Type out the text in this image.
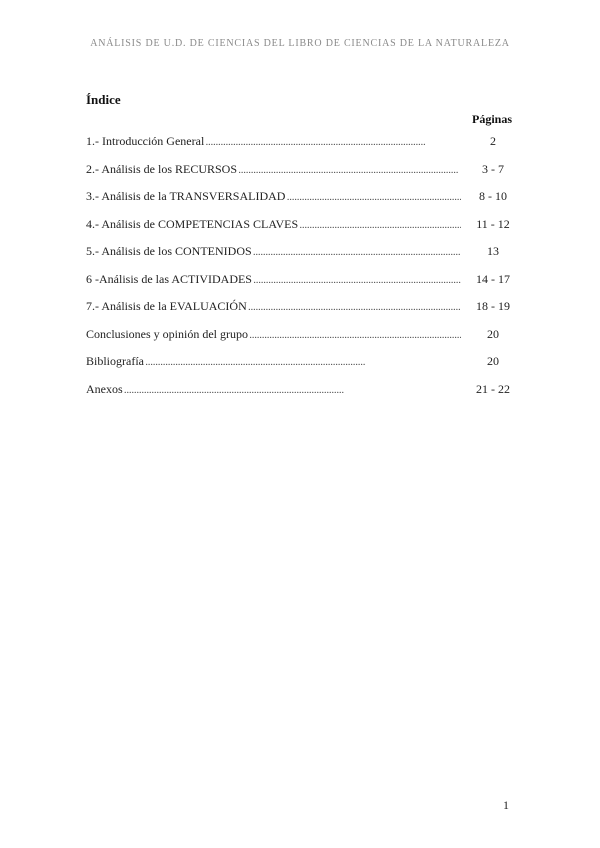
ANÁLISIS DE U.D. DE CIENCIAS DEL LIBRO DE CIENCIAS DE LA NATURALEZA
Índice
Páginas
1.- Introducción General . . .	2
2.- Análisis de los RECURSOS . . .	3 - 7
3.- Análisis de la TRANSVERSALIDAD . . .	8 - 10
4.- Análisis de COMPETENCIAS CLAVES . . .	11 - 12
5.- Análisis de los CONTENIDOS . . .	13
6 -Análisis de las ACTIVIDADES . . .	14 - 17
7.- Análisis de la EVALUACIÓN . . .	18 - 19
Conclusiones y opinión del grupo . . .	20
Bibliografía . . .	20
Anexos . . .	21 - 22
1
